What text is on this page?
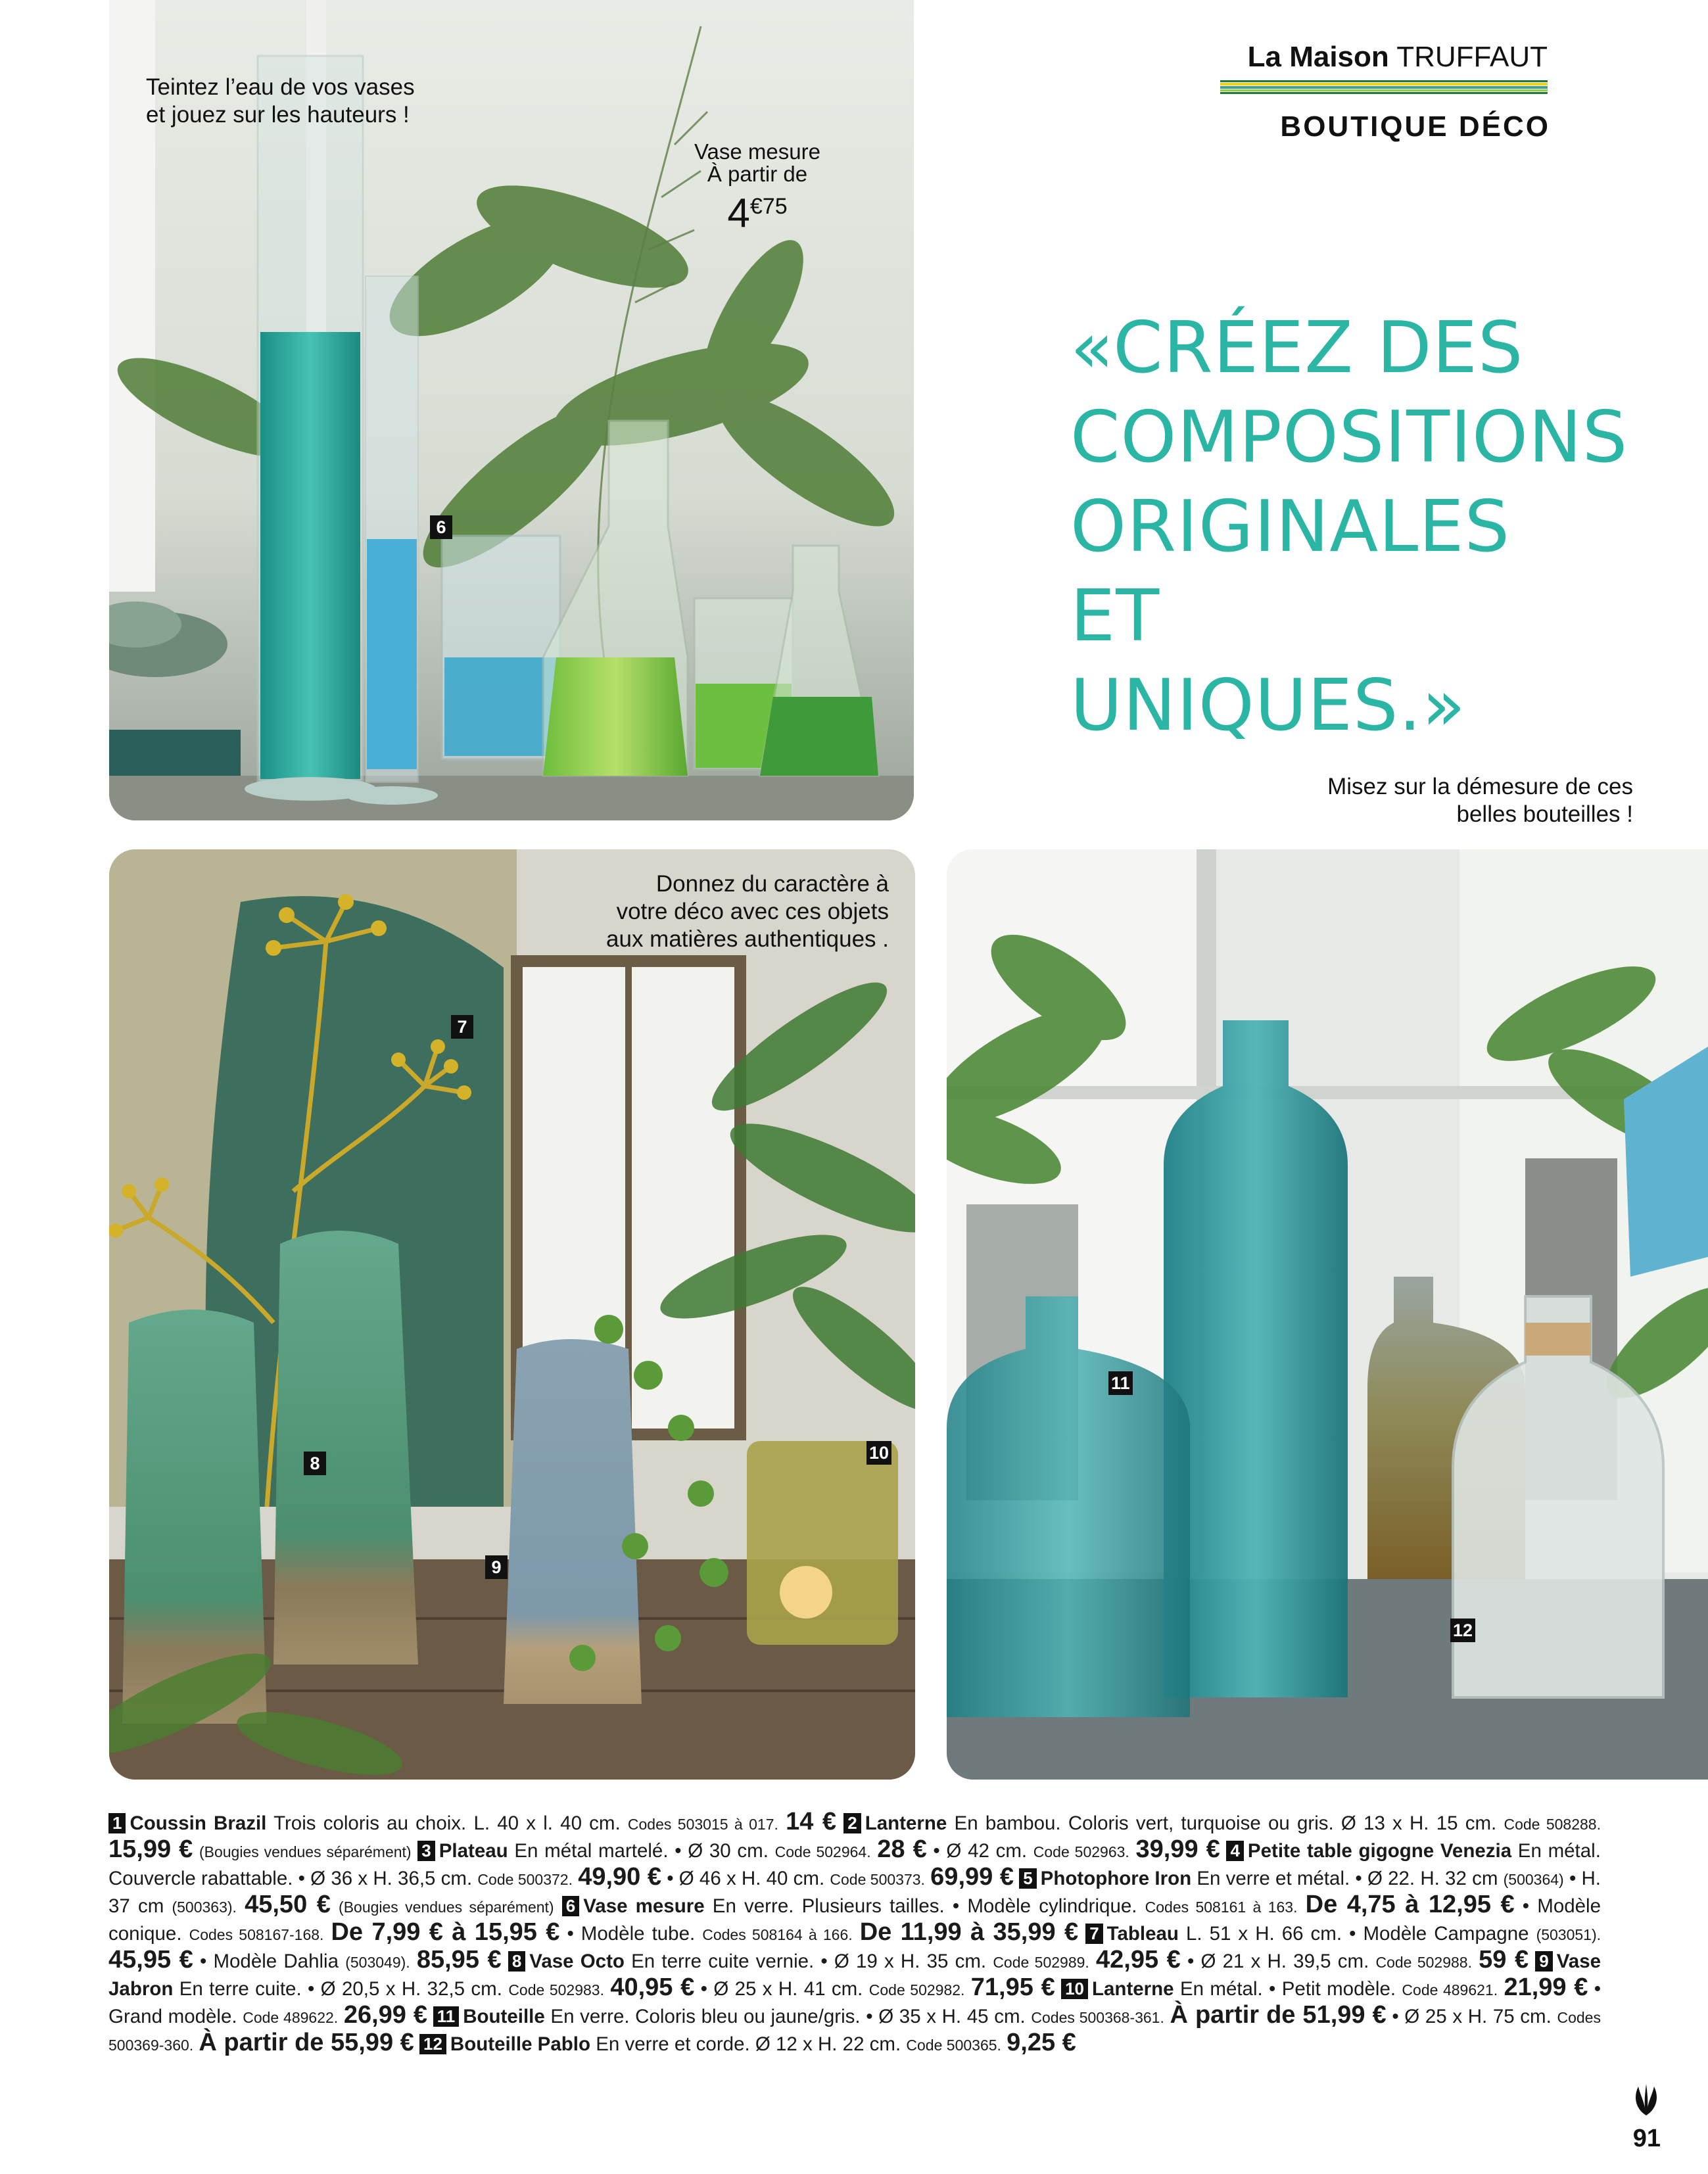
La Maison TRUFFAUT
BOUTIQUE DÉCO
«CRÉEZ DES
COMPOSITIONS
ORIGINALES ET
UNIQUES.»
Teintez l’eau de vos vases
et jouez sur les hauteurs !
Vase mesure
À partir de
4€75
6
Donnez du caractère à
votre déco avec ces objets
aux matières authentiques .
7
8
9
10
Misez sur la démesure de ces
belles bouteilles !
11
12
1 Coussin Brazil Trois coloris au choix. L. 40 x l. 40 cm. Codes 503015 à 017. 14 € 2 Lanterne En bambou. Coloris vert, turquoise ou gris. Ø 13 x H. 15 cm. Code 508288. 15,99 € (Bougies vendues séparément) 3 Plateau En métal martelé. • Ø 30 cm. Code 502964. 28 € • Ø 42 cm. Code 502963. 39,99 € 4 Petite table gigogne Venezia En métal. Couvercle rabattable. • Ø 36 x H. 36,5 cm. Code 500372. 49,90 € • Ø 46 x H. 40 cm. Code 500373. 69,99 € 5 Photophore Iron En verre et métal. • Ø 22. H. 32 cm (500364) • H. 37 cm (500363). 45,50 € (Bougies vendues séparément) 6 Vase mesure En verre. Plusieurs tailles. • Modèle cylindrique. Codes 508161 à 163. De 4,75 à 12,95 € • Modèle conique. Codes 508167-168. De 7,99 € à 15,95 € • Modèle tube. Codes 508164 à 166. De 11,99 à 35,99 € 7 Tableau L. 51 x H. 66 cm. • Modèle Campagne (503051). 45,95 € • Modèle Dahlia (503049). 85,95 € 8 Vase Octo En terre cuite vernie. • Ø 19 x H. 35 cm. Code 502989. 42,95 € • Ø 21 x H. 39,5 cm. Code 502988. 59 € 9 Vase Jabron En terre cuite. • Ø 20,5 x H. 32,5 cm. Code 502983. 40,95 € • Ø 25 x H. 41 cm. Code 502982. 71,95 € 10 Lanterne En métal. • Petit modèle. Code 489621. 21,99 € • Grand modèle. Code 489622. 26,99 € 11 Bouteille En verre. Coloris bleu ou jaune/gris. • Ø 35 x H. 45 cm. Codes 500368-361. À partir de 51,99 € • Ø 25 x H. 75 cm. Codes 500369-360. À partir de 55,99 € 12 Bouteille Pablo En verre et corde. Ø 12 x H. 22 cm. Code 500365. 9,25 €
91
